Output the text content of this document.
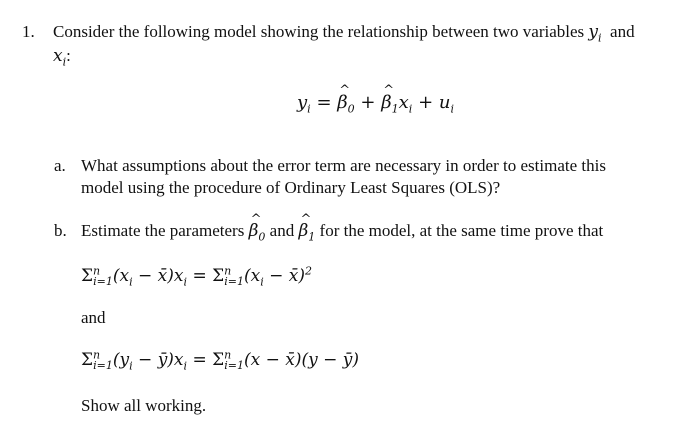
1. Consider the following model showing the relationship between two variables $y_i$ and
$x_i$:
$y_i$ = ^ $\beta_0$ + ^ $\beta_1x_i + u_i$
a. What assumptions about the error term are necessary in order to estimate this
model using the procedure of Ordinary Least Squares (OLS)?
b. Estimate the parameters ^ $\beta_0$ and ^ $\beta_1$ for the model, at the same time prove that
$\Sigma^n_{i=1}(x_i$ − $x̄)x_i = \Sigma^n_{i=1}(x_i$ − x̄)$^2$
and
$\Sigma^n_{i=1}(y_i$ − $ȳ)x_i = \Sigma^n_{i=1}(x$ − x̄)(y − ȳ)
Show all working.
